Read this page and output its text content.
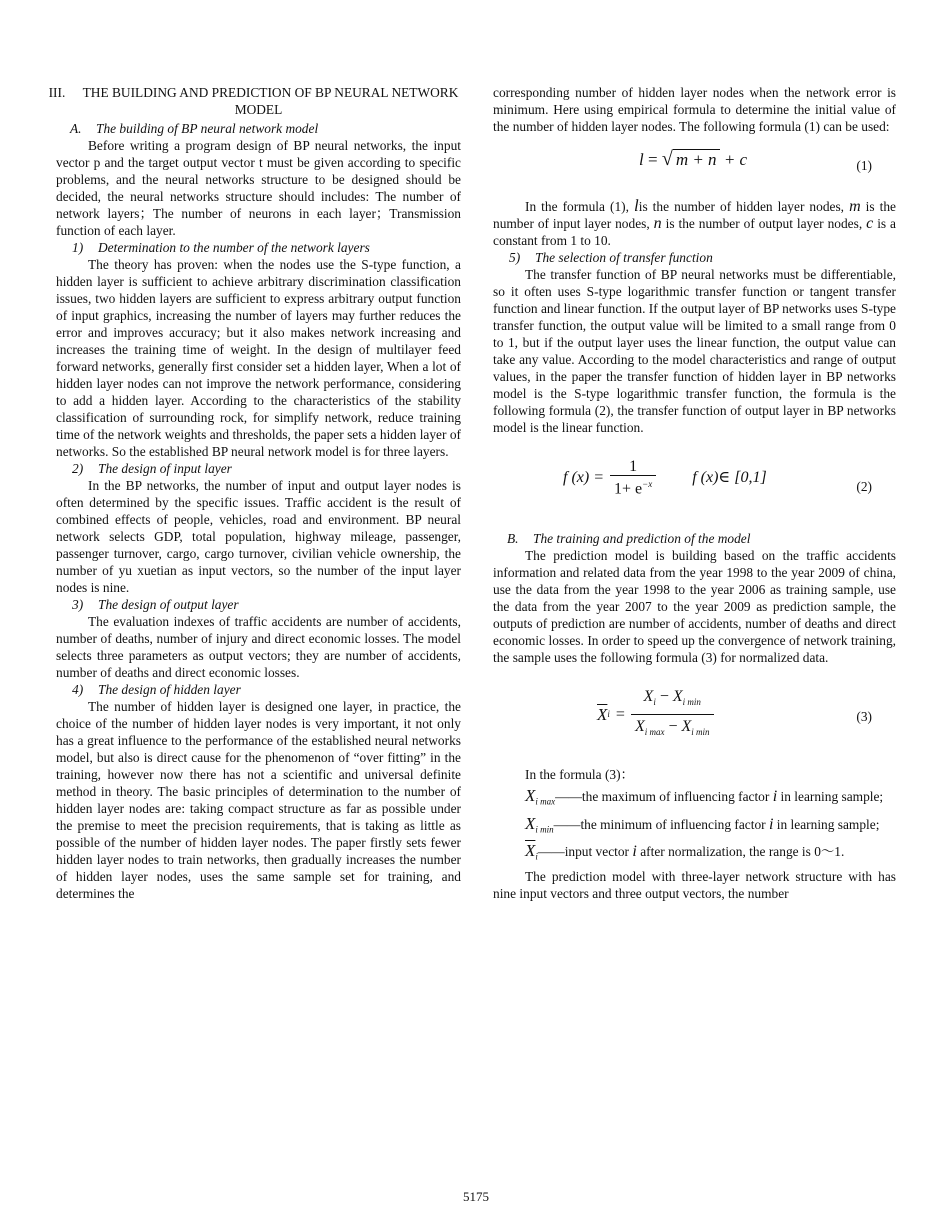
III. THE BUILDING AND PREDICTION OF BP NEURAL NETWORK MODEL

A. The building of BP neural network model

Before writing a program design of BP neural networks, the input vector p and the target output vector t must be given according to specific problems, and the neural networks structure to be designed should be decided, the neural networks structure should includes: The number of network layers；The number of neurons in each layer；Transmission function of each layer.

1) Determination to the number of the network layers

The theory has proven: when the nodes use the S-type function, a hidden layer is sufficient to achieve arbitrary discrimination classification issues, two hidden layers are sufficient to express arbitrary output function of input graphics, increasing the number of layers may further reduces the error and improves accuracy; but it also makes network increasing and increases the training time of weight. In the design of multilayer feed forward networks, generally first consider set a hidden layer, When a lot of hidden layer nodes can not improve the network performance, considering to add a hidden layer. According to the characteristics of the stability classification of surrounding rock, for simplify network, reduce training time of the network weights and thresholds, the paper sets a hidden layer of networks. So the established BP neural network model is for three layers.

2) The design of input layer

In the BP networks, the number of input and output layer nodes is often determined by the specific issues. Traffic accident is the result of combined effects of people, vehicles, road and environment. BP neural network selects GDP, total population, highway mileage, passenger, passenger turnover, cargo, cargo turnover, civilian vehicle ownership, the number of yu xuetian as input vectors, so the number of the input layer nodes is nine.

3) The design of output layer

The evaluation indexes of traffic accidents are number of accidents, number of deaths, number of injury and direct economic losses. The model selects three parameters as output vectors; they are number of accidents, number of deaths and direct economic losses.

4) The design of hidden layer

The number of hidden layer is designed one layer, in practice, the choice of the number of hidden layer nodes is very important, it not only has a great influence to the performance of the established neural networks model, but also is direct cause for the phenomenon of “over fitting” in the training, however now there has not a scientific and universal definite method in theory. The basic principles of determination to the number of hidden layer nodes are: taking compact structure as far as possible under the premise to meet the precision requirements, that is taking as little as possible of the number of hidden layer nodes. The paper firstly sets fewer hidden layer nodes to train networks, then gradually increases the number of hidden layer nodes, uses the same sample set for training, and determines the

corresponding number of hidden layer nodes when the network error is minimum. Here using empirical formula to determine the initial value of the number of hidden layer nodes. The following formula (1) can be used:

l = √ m + n + c	(1)

In the formula (1), lis the number of hidden layer nodes, m is the number of input layer nodes, n is the number of output layer nodes, c is a constant from 1 to 10.

5) The selection of transfer function

The transfer function of BP neural networks must be differentiable, so it often uses S-type logarithmic transfer function or tangent transfer function and linear function. If the output layer of BP networks uses S-type transfer function, the output value will be limited to a small range from 0 to 1, but if the output layer uses the linear function, the output value can take any value. According to the model characteristics and range of output values, in the paper the transfer function of hidden layer in BP networks model is the S-type logarithmic transfer function, the formula is the following formula (2), the transfer function of output layer in BP networks model is the linear function.

f $(x) = \frac{1}{1+ e^{-x}}$ f (x)∈ [0,1]
(2)

B. The training and prediction of the model

The prediction model is building based on the traffic accidents information and related data from the year 1998 to the year 2009 of china, use the data from the year 1998 to the year 2006 as training sample, use the data from the year 2007 to the year 2009 as prediction sample, the outputs of prediction are number of accidents, number of deaths and direct economic losses. In order to speed up the convergence of network training, the sample uses the following formula (3) for normalized data.

$\overline{X}$ $i = \frac{X_i - X_{i min}}{X_{i max} - X_{i min}}$	(3)

In the formula (3)：

$X_{i max}——the$ maximum of influencing factor i in learning sample;

$X_{i min}——the$ minimum of influencing factor i in learning sample;

$\overline{X}_i——input$ vector i after normalization, the range is 0～1.

The prediction model with three-layer network structure with has nine input vectors and three output vectors, the number

5175
